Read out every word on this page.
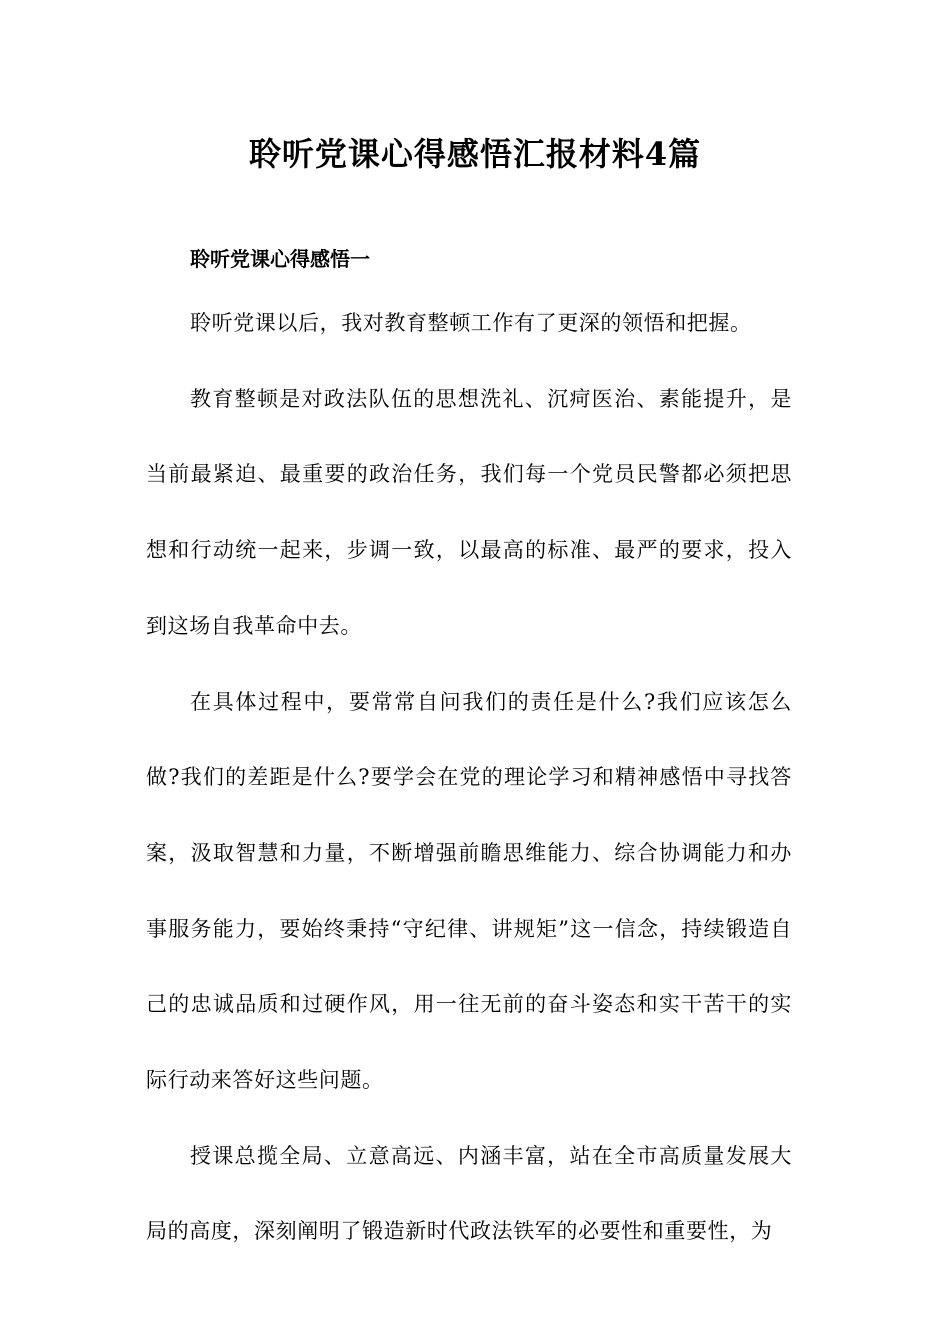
聆听党课心得感悟汇报材料4篇

聆听党课心得感悟一

聆听党课以后，我对教育整顿工作有了更深的领悟和把握。

教育整顿是对政法队伍的思想洗礼、沉疴医治、素能提升，是当前最紧迫、最重要的政治任务，我们每一个党员民警都必须把思想和行动统一起来，步调一致，以最高的标准、最严的要求，投入到这场自我革命中去。

在具体过程中，要常常自问我们的责任是什么?我们应该怎么做?我们的差距是什么?要学会在党的理论学习和精神感悟中寻找答案，汲取智慧和力量，不断增强前瞻思维能力、综合协调能力和办事服务能力，要始终秉持“守纪律、讲规矩”这一信念，持续锻造自己的忠诚品质和过硬作风，用一往无前的奋斗姿态和实干苦干的实际行动来答好这些问题。

授课总揽全局、立意高远、内涵丰富，站在全市高质量发展大局的高度，深刻阐明了锻造新时代政法铁军的必要性和重要性，为
